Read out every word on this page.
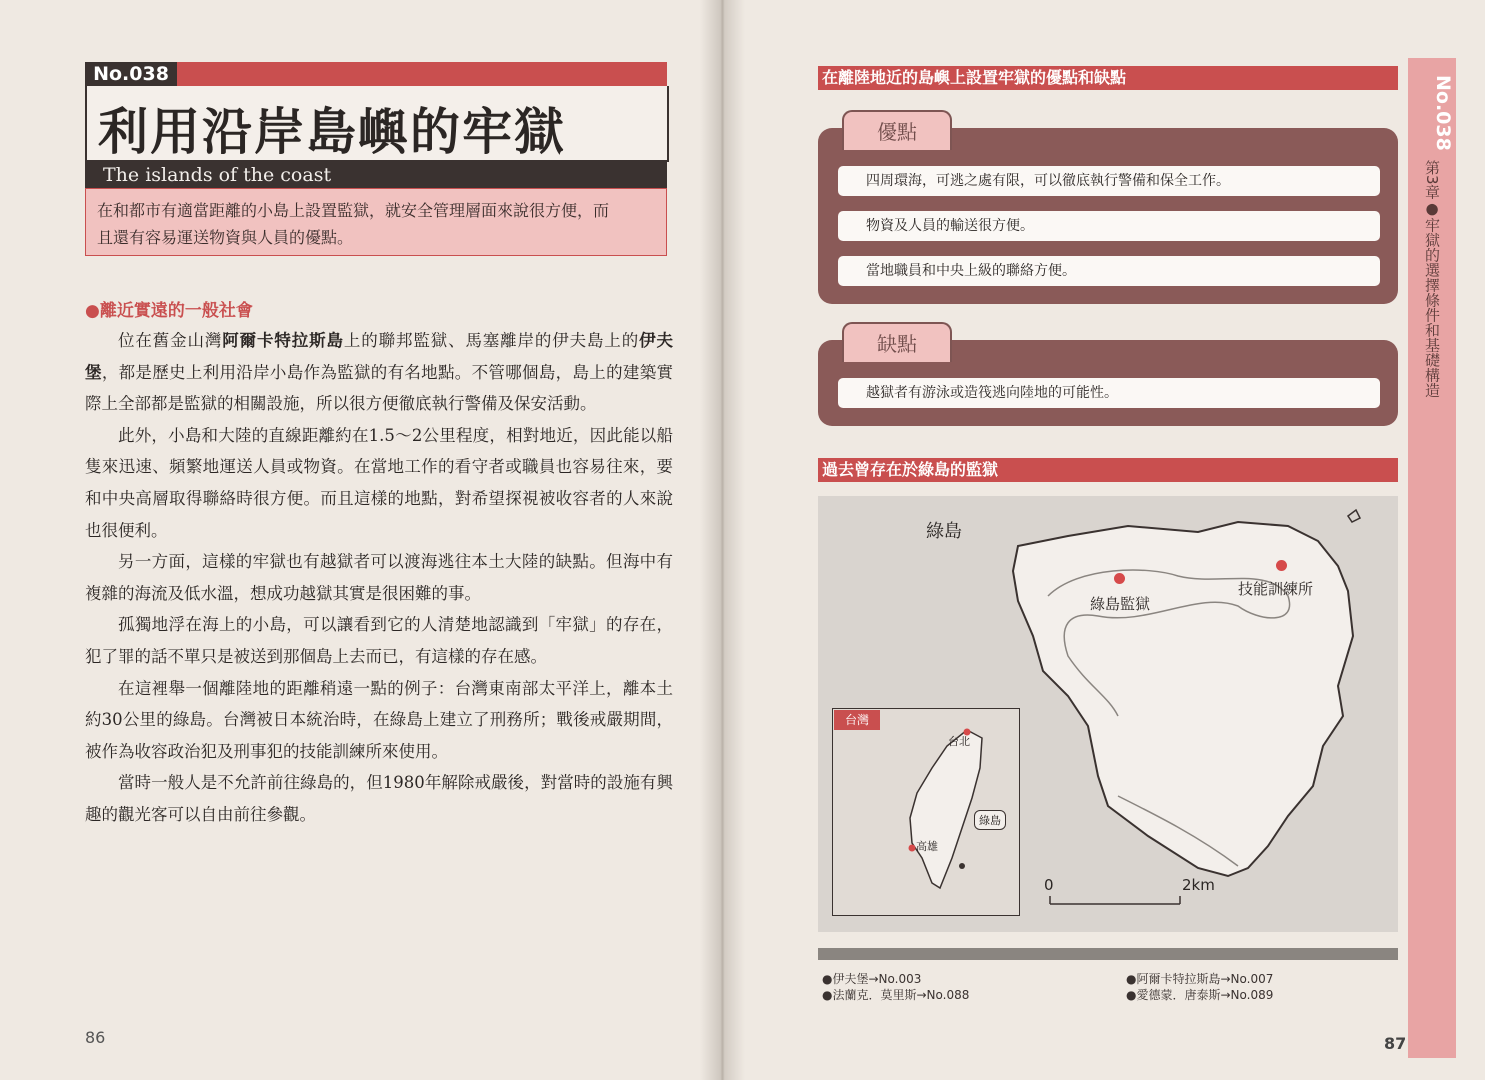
No.038
利用沿岸島嶼的牢獄
The islands of the coast
在和都市有適當距離的小島上設置監獄，就安全管理層面來說很方便，而
且還有容易運送物資與人員的優點。
●離近實遠的一般社會

位在舊金山灣阿爾卡特拉斯島上的聯邦監獄、馬塞離岸的伊夫島上的伊夫堡，都是歷史上利用沿岸小島作為監獄的有名地點。不管哪個島，島上的建築實際上全部都是監獄的相關設施，所以很方便徹底執行警備及保安活動。

此外，小島和大陸的直線距離約在1.5～2公里程度，相對地近，因此能以船隻來迅速、頻繁地運送人員或物資。在當地工作的看守者或職員也容易往來，要和中央高層取得聯絡時很方便。而且這樣的地點，對希望探視被收容者的人來說也很便利。

另一方面，這樣的牢獄也有越獄者可以渡海逃往本土大陸的缺點。但海中有複雜的海流及低水溫，想成功越獄其實是很困難的事。

孤獨地浮在海上的小島，可以讓看到它的人清楚地認識到「牢獄」的存在，犯了罪的話不單只是被送到那個島上去而已，有這樣的存在感。

在這裡舉一個離陸地的距離稍遠一點的例子：台灣東南部太平洋上，離本土約30公里的綠島。台灣被日本統治時，在綠島上建立了刑務所；戰後戒嚴期間，被作為收容政治犯及刑事犯的技能訓練所來使用。

當時一般人是不允許前往綠島的，但1980年解除戒嚴後，對當時的設施有興趣的觀光客可以自由前往參觀。

86
在離陸地近的島嶼上設置牢獄的優點和缺點
優點
四周環海，可逃之處有限，可以徹底執行警備和保全工作。
物資及人員的輸送很方便。
當地職員和中央上級的聯絡方便。
缺點
越獄者有游泳或造筏逃向陸地的可能性。
過去曾存在於綠島的監獄
綠島
綠島監獄
技能訓練所
0	2km
台灣
台北
高雄
綠島
●伊夫堡→No.003
●法蘭克．莫里斯→No.088
●阿爾卡特拉斯島→No.007
●愛德蒙．唐泰斯→No.089
No.038
第3章●牢獄的選擇條件和基礎構造
87
